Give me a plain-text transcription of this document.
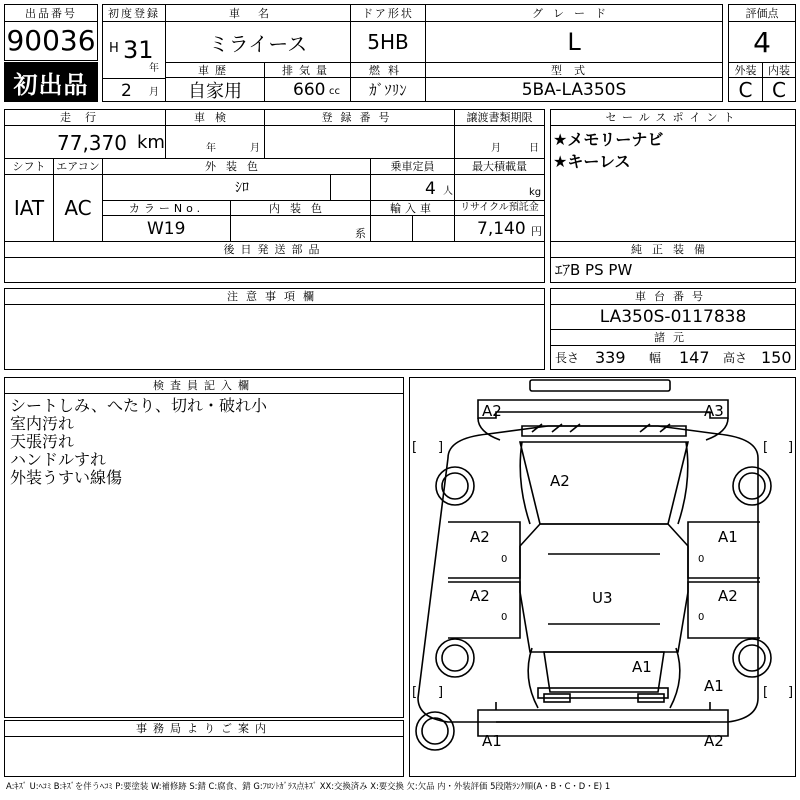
出品番号
90036
初出品
初度登録
H 31
年
2 月
車名
ミライース
ドア形状
5HB
グレード
L
評価点
4
車歴
自家用
排気量
660 cc
燃料
ｶﾞｿﾘﾝ
型式
5BA-LA350S
外装	内装
C C
走行
77,370 km
車検
年	月
登録番号	譲渡書類期限
月	日
シフト エアコン
IAT AC
外装色
ｼﾛ
乗車定員
4 人
最大積載量
kg
カラーNo.
W19
内装色
系
輸入車	リサイクル預託金
7,140 円
後日発送部品
セールスポイント
★メモリーナビ
★キーレス
純正装備
ｴｱB PS PW
注意事項欄	車台番号
LA350S-0117838
諸元
長さ 339 幅 147 高さ 150
検査員記入欄
シートしみ、へたり、切れ・破れ小
室内汚れ
天張汚れ
ハンドルすれ
外装うすい線傷
事務局よりご案内
A2	A3
A2
A2	A1
A2	A2
U3
A1
A1
A1	A2
0	0
0	0
[ ]	[ ]
[ ]	[ ]
A:ｷｽﾞ U:ﾍｺﾐ B:ｷｽﾞを伴うﾍｺﾐ P:要塗装 W:補修跡 S:錆 C:腐食、錆 G:ﾌﾛﾝﾄｶﾞﾗｽ点ｷｽﾞ XX:交換済み X:要交換 欠:欠品 内・外装評価 5段階ﾗﾝｸ順(A・B・C・D・E) 1
